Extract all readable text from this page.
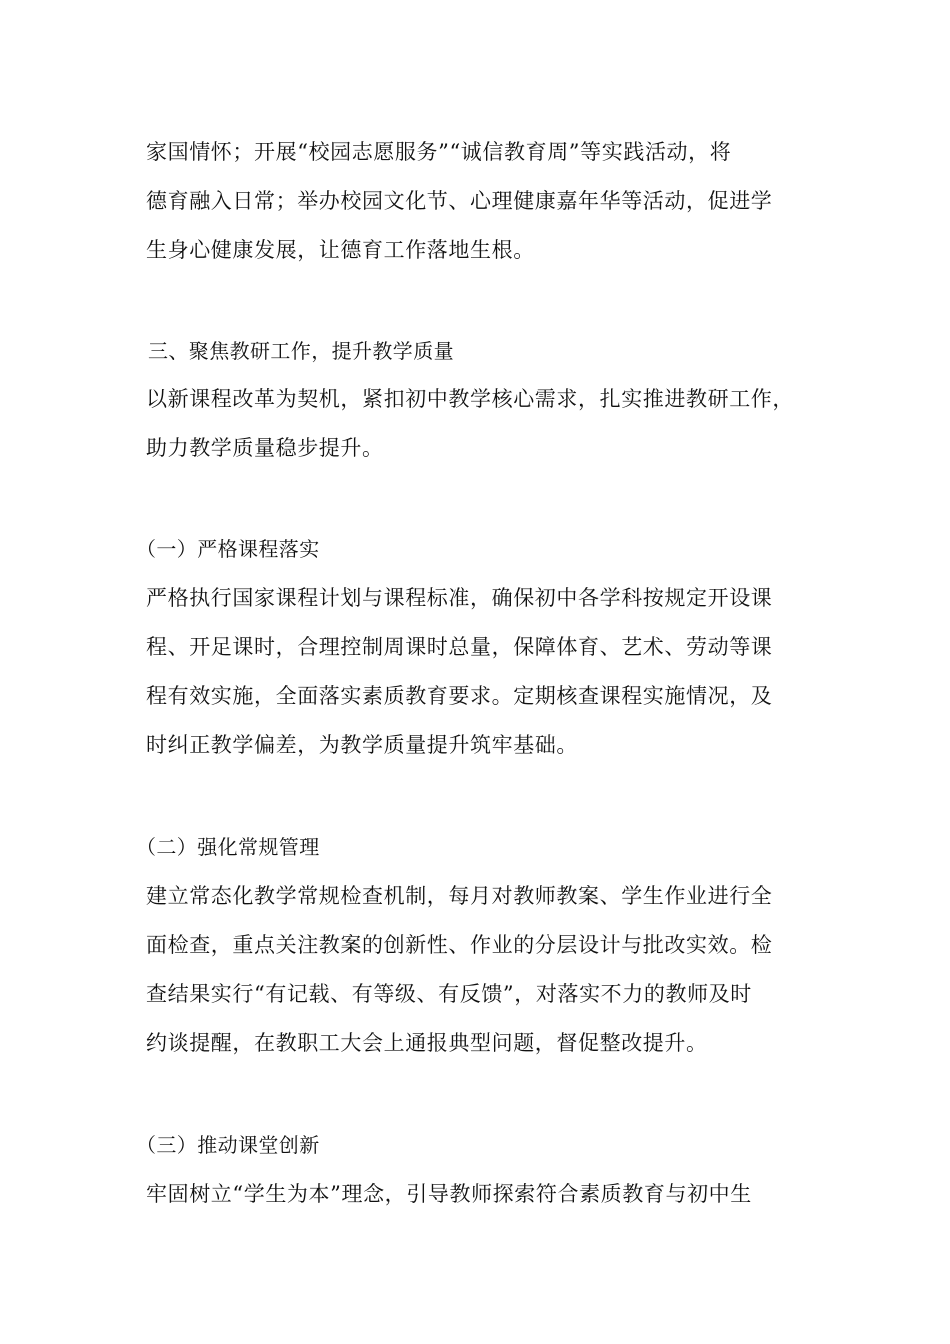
家国情怀；开展“校园志愿服务”“诚信教育周”等实践活动，将
德育融入日常；举办校园文化节、心理健康嘉年华等活动，促进学
生身心健康发展，让德育工作落地生根。
三、聚焦教研工作，提升教学质量
以新课程改革为契机，紧扣初中教学核心需求，扎实推进教研工作，
助力教学质量稳步提升。
（一）严格课程落实
严格执行国家课程计划与课程标准，确保初中各学科按规定开设课
程、开足课时，合理控制周课时总量，保障体育、艺术、劳动等课
程有效实施，全面落实素质教育要求。定期核查课程实施情况，及
时纠正教学偏差，为教学质量提升筑牢基础。
（二）强化常规管理
建立常态化教学常规检查机制，每月对教师教案、学生作业进行全
面检查，重点关注教案的创新性、作业的分层设计与批改实效。检
查结果实行“有记载、有等级、有反馈”，对落实不力的教师及时
约谈提醒，在教职工大会上通报典型问题，督促整改提升。
（三）推动课堂创新
牢固树立“学生为本”理念，引导教师探索符合素质教育与初中生
